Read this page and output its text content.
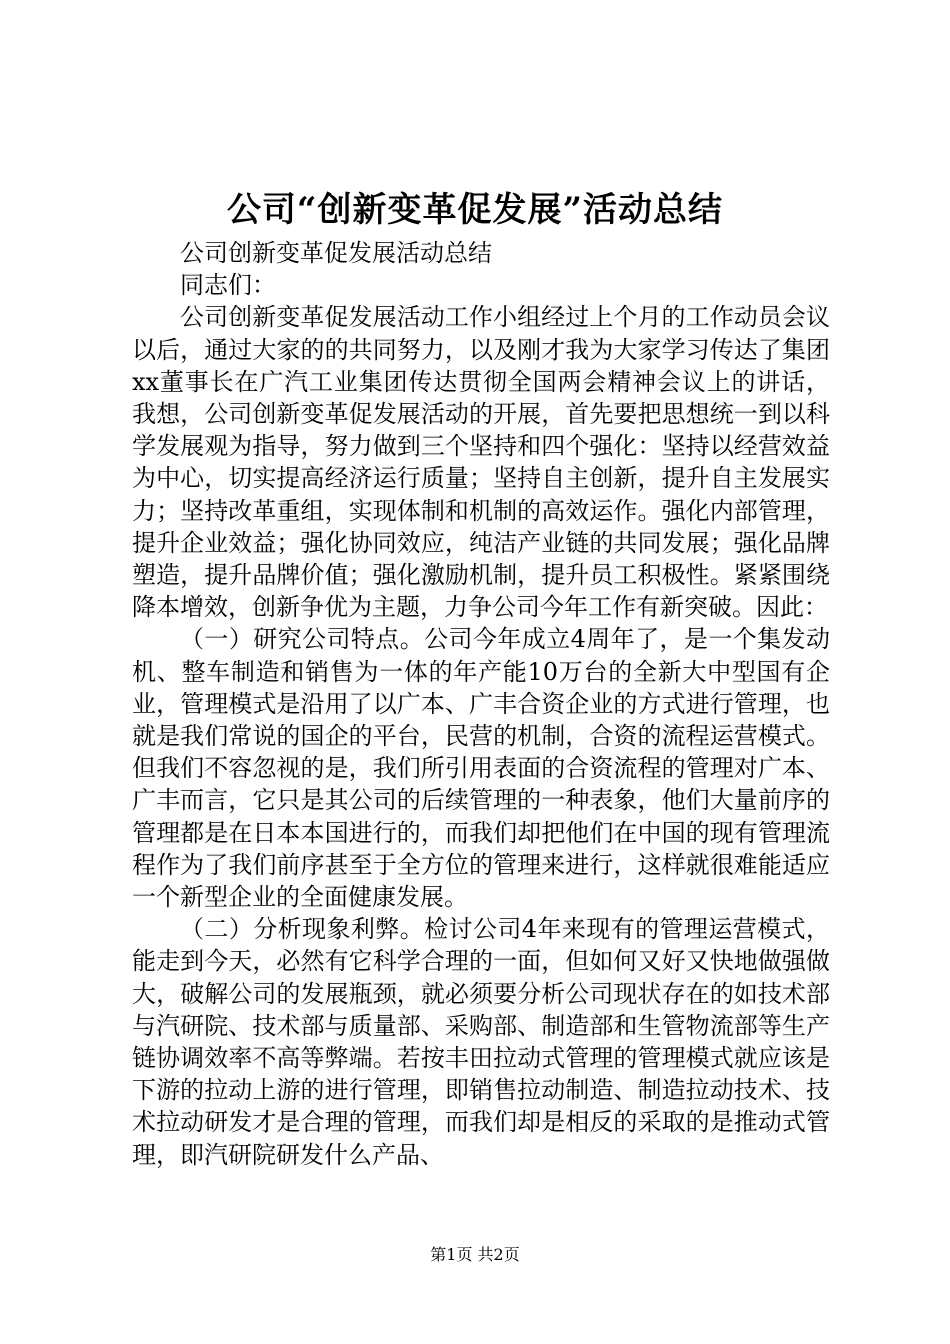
公司“创新变革促发展”活动总结

公司创新变革促发展活动总结

同志们：

公司创新变革促发展活动工作小组经过上个月的工作动员会议以后，通过大家的的共同努力，以及刚才我为大家学习传达了集团xx董事长在广汽工业集团传达贯彻全国两会精神会议上的讲话，我想，公司创新变革促发展活动的开展，首先要把思想统一到以科学发展观为指导，努力做到三个坚持和四个强化：坚持以经营效益为中心，切实提高经济运行质量；坚持自主创新，提升自主发展实力；坚持改革重组，实现体制和机制的高效运作。强化内部管理，提升企业效益；强化协同效应，纯洁产业链的共同发展；强化品牌塑造，提升品牌价值；强化激励机制，提升员工积极性。紧紧围绕降本增效，创新争优为主题，力争公司今年工作有新突破。因此：

（一）研究公司特点。公司今年成立4周年了，是一个集发动机、整车制造和销售为一体的年产能10万台的全新大中型国有企业，管理模式是沿用了以广本、广丰合资企业的方式进行管理，也就是我们常说的国企的平台，民营的机制，合资的流程运营模式。但我们不容忽视的是，我们所引用表面的合资流程的管理对广本、广丰而言，它只是其公司的后续管理的一种表象，他们大量前序的管理都是在日本本国进行的，而我们却把他们在中国的现有管理流程作为了我们前序甚至于全方位的管理来进行，这样就很难能适应一个新型企业的全面健康发展。

（二）分析现象利弊。检讨公司4年来现有的管理运营模式，能走到今天，必然有它科学合理的一面，但如何又好又快地做强做大，破解公司的发展瓶颈，就必须要分析公司现状存在的如技术部与汽研院、技术部与质量部、采购部、制造部和生管物流部等生产链协调效率不高等弊端。若按丰田拉动式管理的管理模式就应该是下游的拉动上游的进行管理，即销售拉动制造、制造拉动技术、技术拉动研发才是合理的管理，而我们却是相反的采取的是推动式管理，即汽研院研发什么产品、

第1页 共2页
